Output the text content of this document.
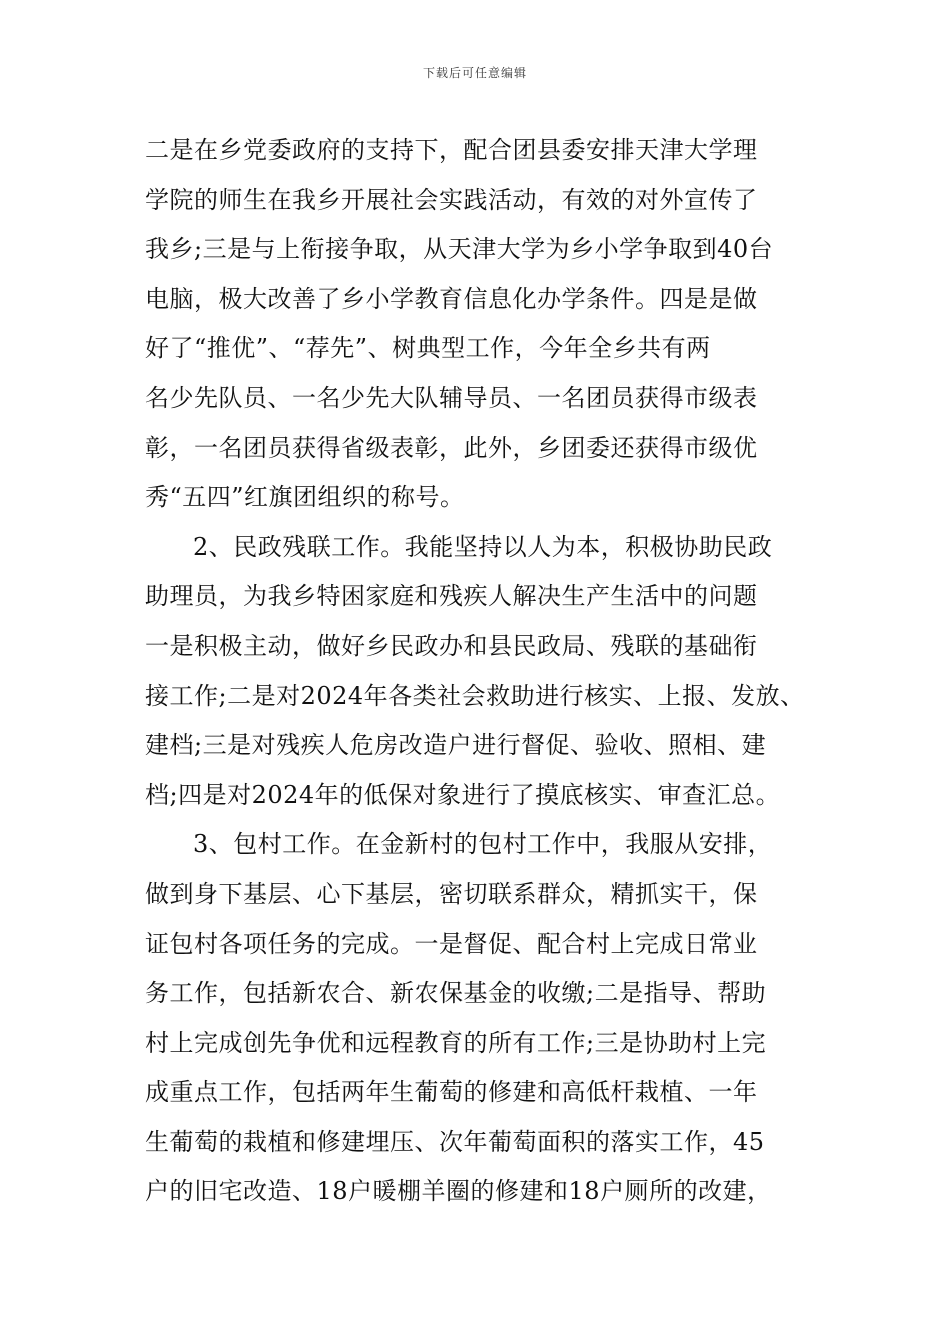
下载后可任意编辑
二是在乡党委政府的支持下，配合团县委安排天津大学理
学院的师生在我乡开展社会实践活动，有效的对外宣传了
我乡;三是与上衔接争取，从天津大学为乡小学争取到40台
电脑，极大改善了乡小学教育信息化办学条件。四是是做
好了“推优”、“荐先”、树典型工作，今年全乡共有两
名少先队员、一名少先大队辅导员、一名团员获得市级表
彰，一名团员获得省级表彰，此外，乡团委还获得市级优
秀“五四”红旗团组织的称号。
2、民政残联工作。我能坚持以人为本，积极协助民政
助理员，为我乡特困家庭和残疾人解决生产生活中的问题
一是积极主动，做好乡民政办和县民政局、残联的基础衔
接工作;二是对2024年各类社会救助进行核实、上报、发放、
建档;三是对残疾人危房改造户进行督促、验收、照相、建
档;四是对2024年的低保对象进行了摸底核实、审查汇总。
3、包村工作。在金新村的包村工作中，我服从安排，
做到身下基层、心下基层，密切联系群众，精抓实干，保
证包村各项任务的完成。一是督促、配合村上完成日常业
务工作，包括新农合、新农保基金的收缴;二是指导、帮助
村上完成创先争优和远程教育的所有工作;三是协助村上完
成重点工作，包括两年生葡萄的修建和高低杆栽植、一年
生葡萄的栽植和修建埋压、次年葡萄面积的落实工作，45
户的旧宅改造、18户暖棚羊圈的修建和18户厕所的改建，
